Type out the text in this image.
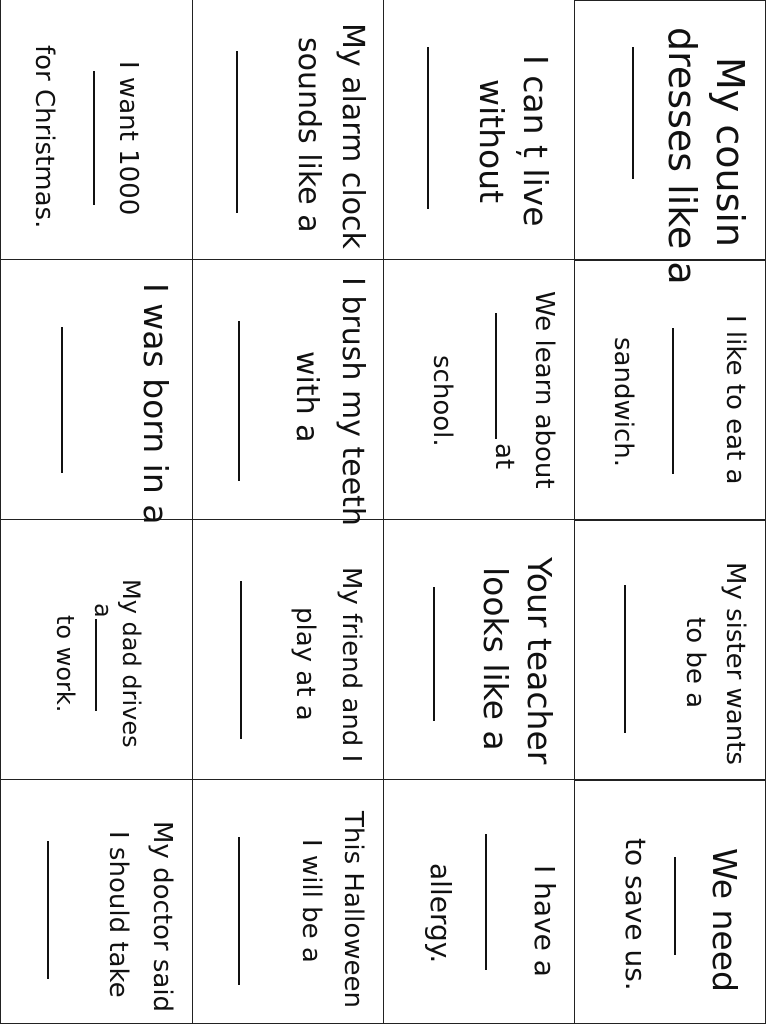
My cousin
dresses like a
I like to eat a
sandwich.
My sister wants
to be a
We need
to save us.
I can ț live
without
We learn about
at
school.
Your teacher
looks like a
I have a
allergy.
My alarm clock
sounds like a
I brush my teeth
with a
My friend and I
play at a
This Halloween
I will be a
I want 1000
for Christmas.
I was born in a
My dad drives
a
to work.
My doctor said
I should take
